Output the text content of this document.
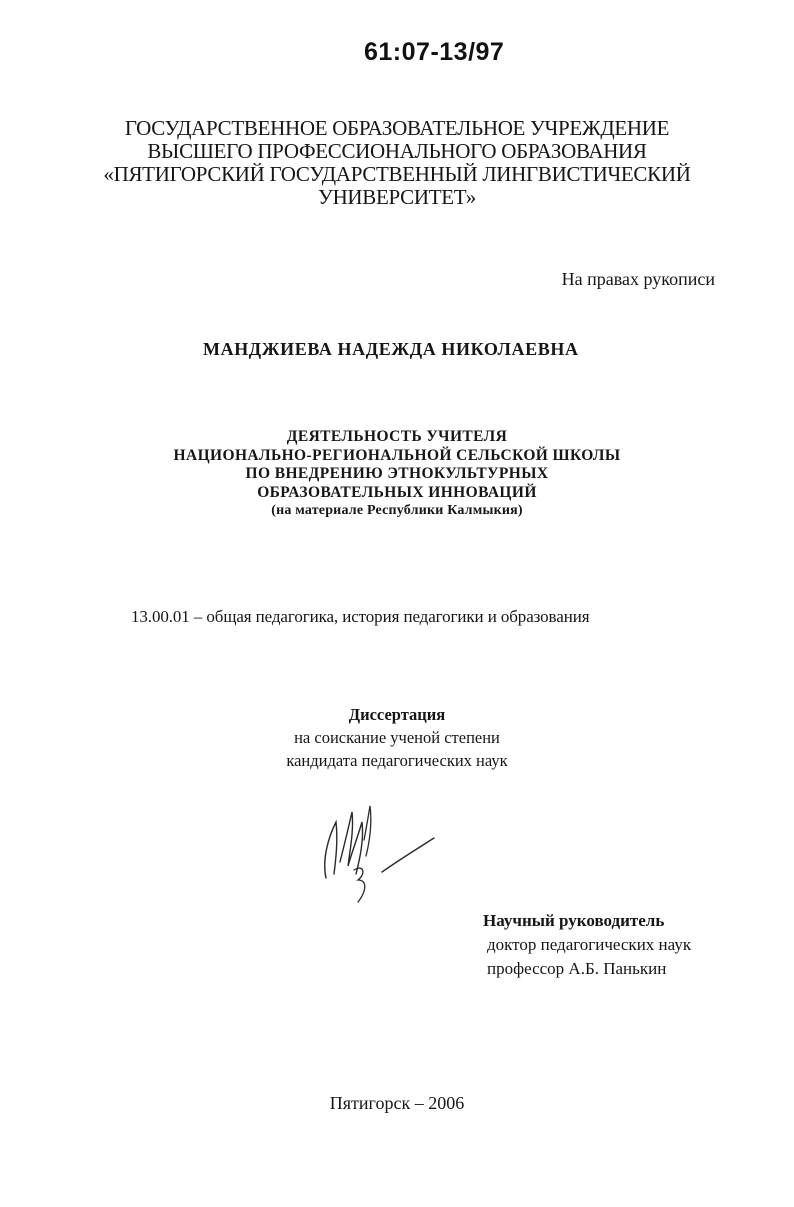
61:07-13/97
ГОСУДАРСТВЕННОЕ ОБРАЗОВАТЕЛЬНОЕ УЧРЕЖДЕНИЕ
ВЫСШЕГО ПРОФЕССИОНАЛЬНОГО ОБРАЗОВАНИЯ
«ПЯТИГОРСКИЙ ГОСУДАРСТВЕННЫЙ ЛИНГВИСТИЧЕСКИЙ
УНИВЕРСИТЕТ»
На правах рукописи
МАНДЖИЕВА НАДЕЖДА НИКОЛАЕВНА
ДЕЯТЕЛЬНОСТЬ УЧИТЕЛЯ
НАЦИОНАЛЬНО-РЕГИОНАЛЬНОЙ СЕЛЬСКОЙ ШКОЛЫ
ПО ВНЕДРЕНИЮ ЭТНОКУЛЬТУРНЫХ
ОБРАЗОВАТЕЛЬНЫХ ИННОВАЦИЙ
(на материале Республики Калмыкия)
13.00.01 – общая педагогика, история педагогики и образования
Диссертация
на соискание ученой степени
кандидата педагогических наук
Научный руководитель
доктор педагогических наук
профессор А.Б. Панькин
Пятигорск – 2006
